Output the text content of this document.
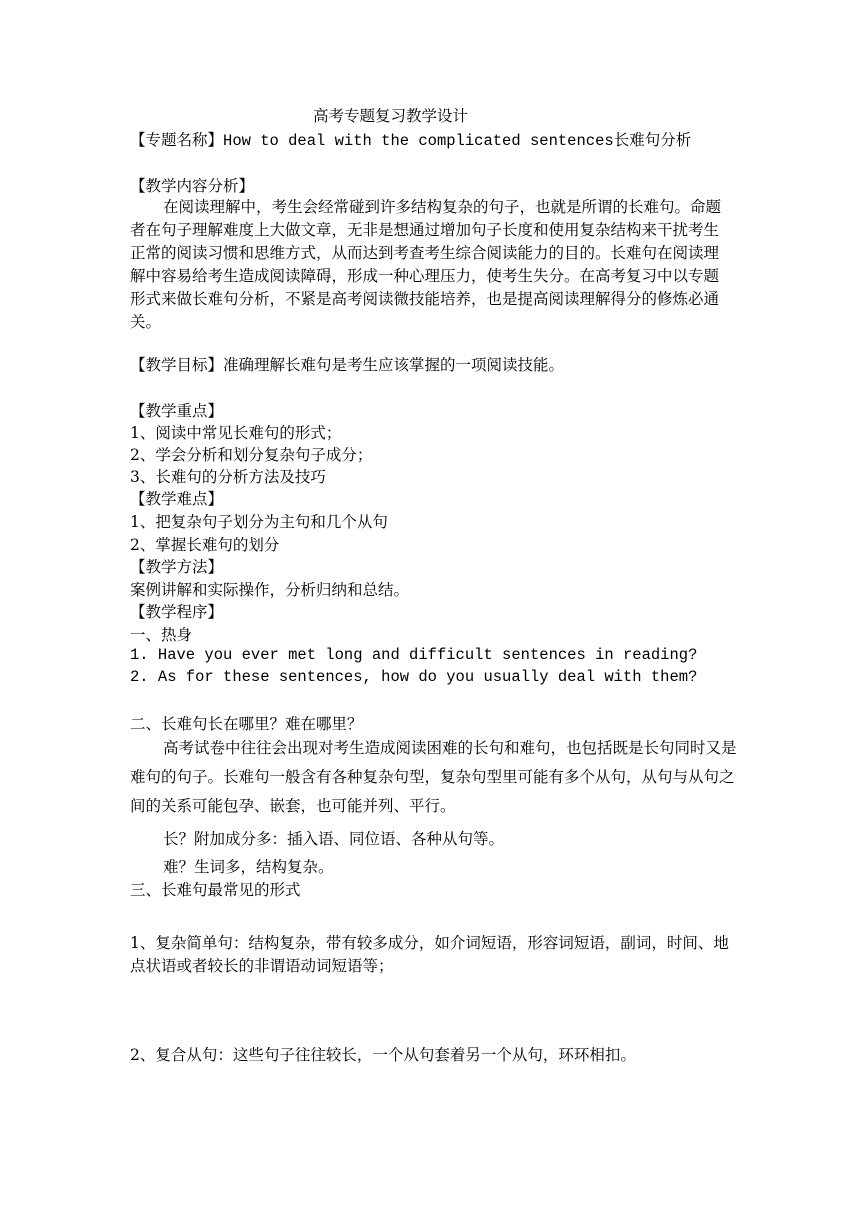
高考专题复习教学设计
【专题名称】How to deal with the complicated sentences长难句分析
【教学内容分析】

在阅读理解中，考生会经常碰到许多结构复杂的句子，也就是所谓的长难句。命题者在句子理解难度上大做文章，无非是想通过增加句子长度和使用复杂结构来干扰考生正常的阅读习惯和思维方式，从而达到考查考生综合阅读能力的目的。长难句在阅读理解中容易给考生造成阅读障碍，形成一种心理压力，使考生失分。在高考复习中以专题形式来做长难句分析，不紧是高考阅读微技能培养，也是提高阅读理解得分的修炼必通关。

【教学目标】准确理解长难句是考生应该掌握的一项阅读技能。
【教学重点】
1、阅读中常见长难句的形式；
2、学会分析和划分复杂句子成分；
3、长难句的分析方法及技巧
【教学难点】
1、把复杂句子划分为主句和几个从句
2、掌握长难句的划分
【教学方法】
案例讲解和实际操作，分析归纳和总结。
【教学程序】
一、热身
1. Have you ever met long and difficult sentences in reading?
2. As for these sentences, how do you usually deal with them?
二、长难句长在哪里？难在哪里？

高考试卷中往往会出现对考生造成阅读困难的长句和难句，也包括既是长句同时又是难句的句子。长难句一般含有各种复杂句型，复杂句型里可能有多个从句，从句与从句之间的关系可能包孕、嵌套，也可能并列、平行。

长？附加成分多：插入语、同位语、各种从句等。
难？生词多，结构复杂。
三、长难句最常见的形式

1、复杂简单句：结构复杂，带有较多成分，如介词短语，形容词短语，副词，时间、地点状语或者较长的非谓语动词短语等；

2、复合从句：这些句子往往较长，一个从句套着另一个从句，环环相扣。
